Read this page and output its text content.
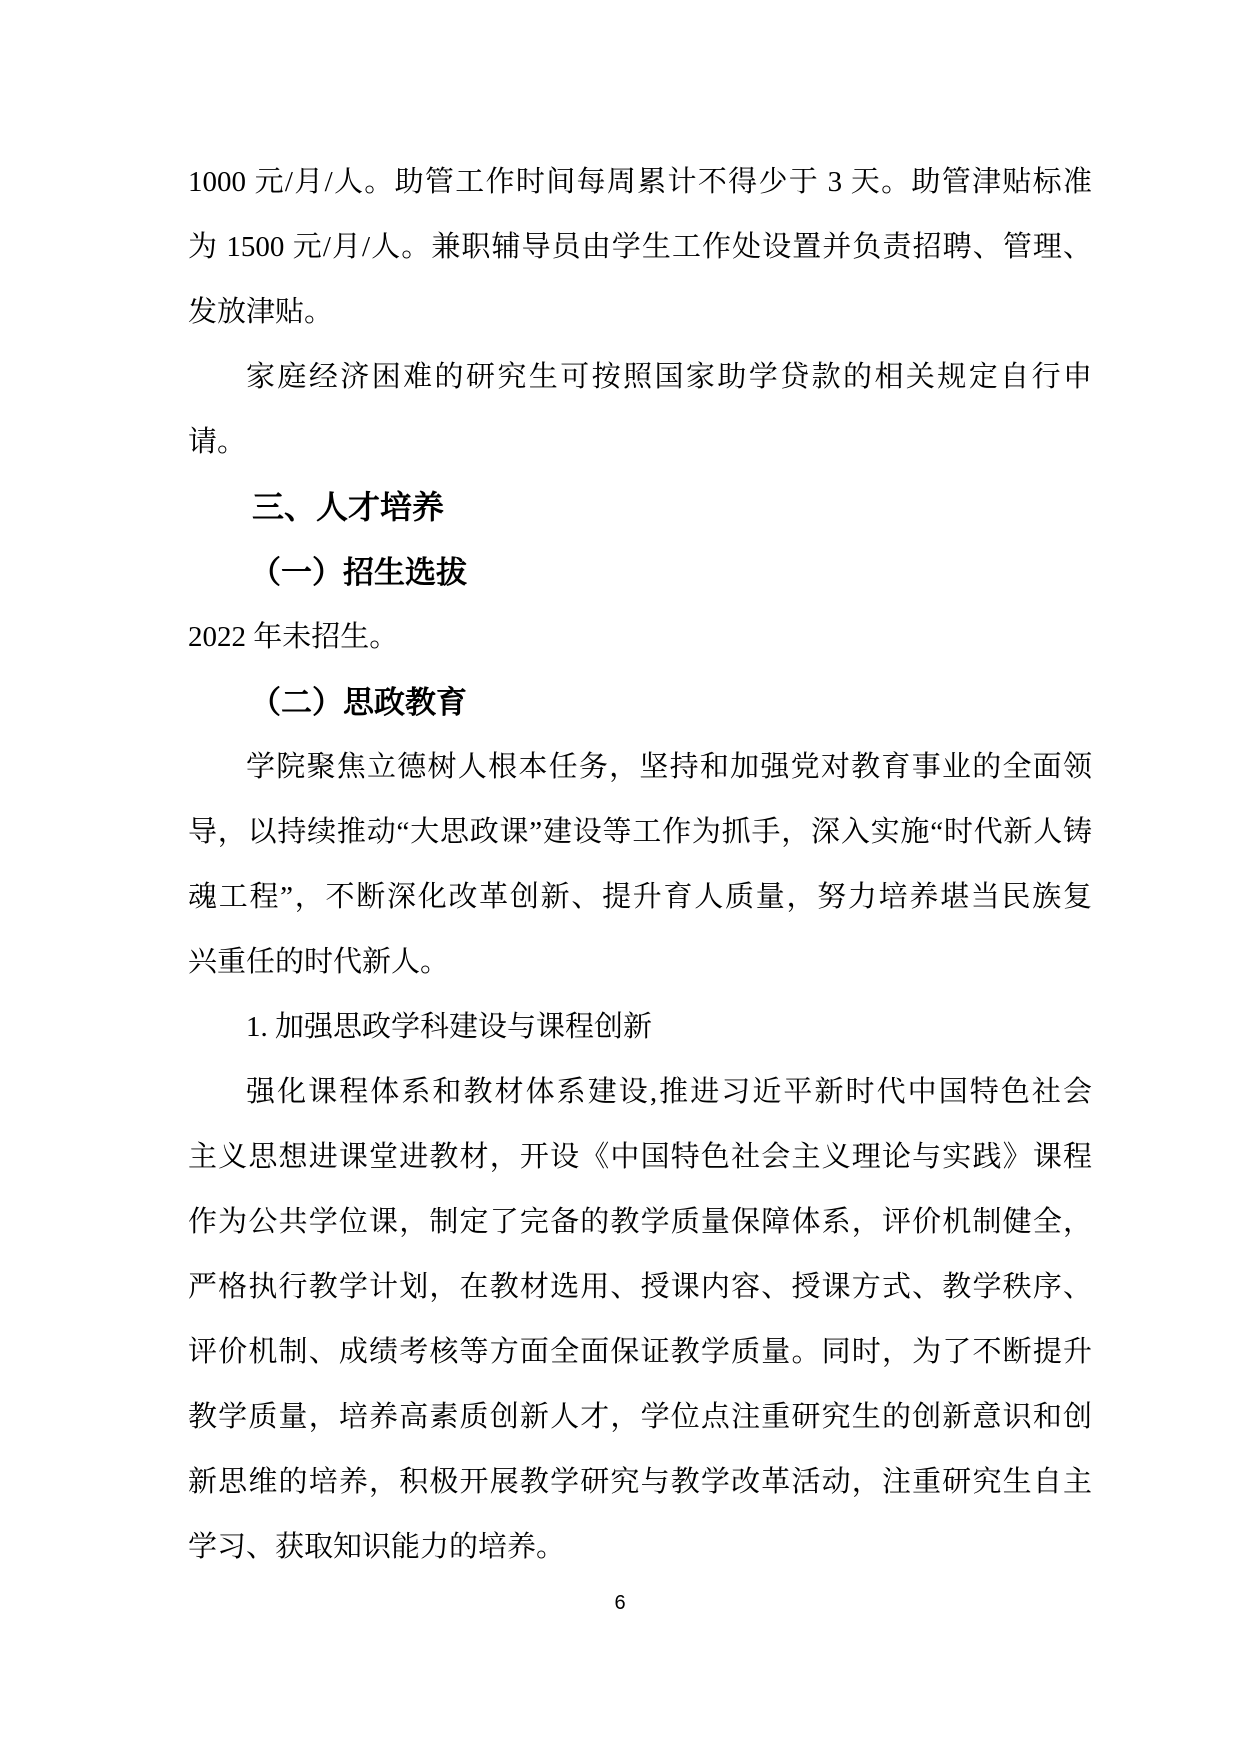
1000 元/月/人。助管工作时间每周累计不得少于 3 天。助管津贴标准
为 1500 元/月/人。兼职辅导员由学生工作处设置并负责招聘、管理、
发放津贴。
家庭经济困难的研究生可按照国家助学贷款的相关规定自行申
请。
三、人才培养
（一）招生选拔
2022 年未招生。
（二）思政教育
学院聚焦立德树人根本任务，坚持和加强党对教育事业的全面领
导，以持续推动“大思政课”建设等工作为抓手，深入实施“时代新人铸
魂工程”，不断深化改革创新、提升育人质量，努力培养堪当民族复
兴重任的时代新人。
1. 加强思政学科建设与课程创新
强化课程体系和教材体系建设,推进习近平新时代中国特色社会
主义思想进课堂进教材，开设《中国特色社会主义理论与实践》课程
作为公共学位课，制定了完备的教学质量保障体系，评价机制健全，
严格执行教学计划，在教材选用、授课内容、授课方式、教学秩序、
评价机制、成绩考核等方面全面保证教学质量。同时，为了不断提升
教学质量，培养高素质创新人才，学位点注重研究生的创新意识和创
新思维的培养，积极开展教学研究与教学改革活动，注重研究生自主
学习、获取知识能力的培养。
6
